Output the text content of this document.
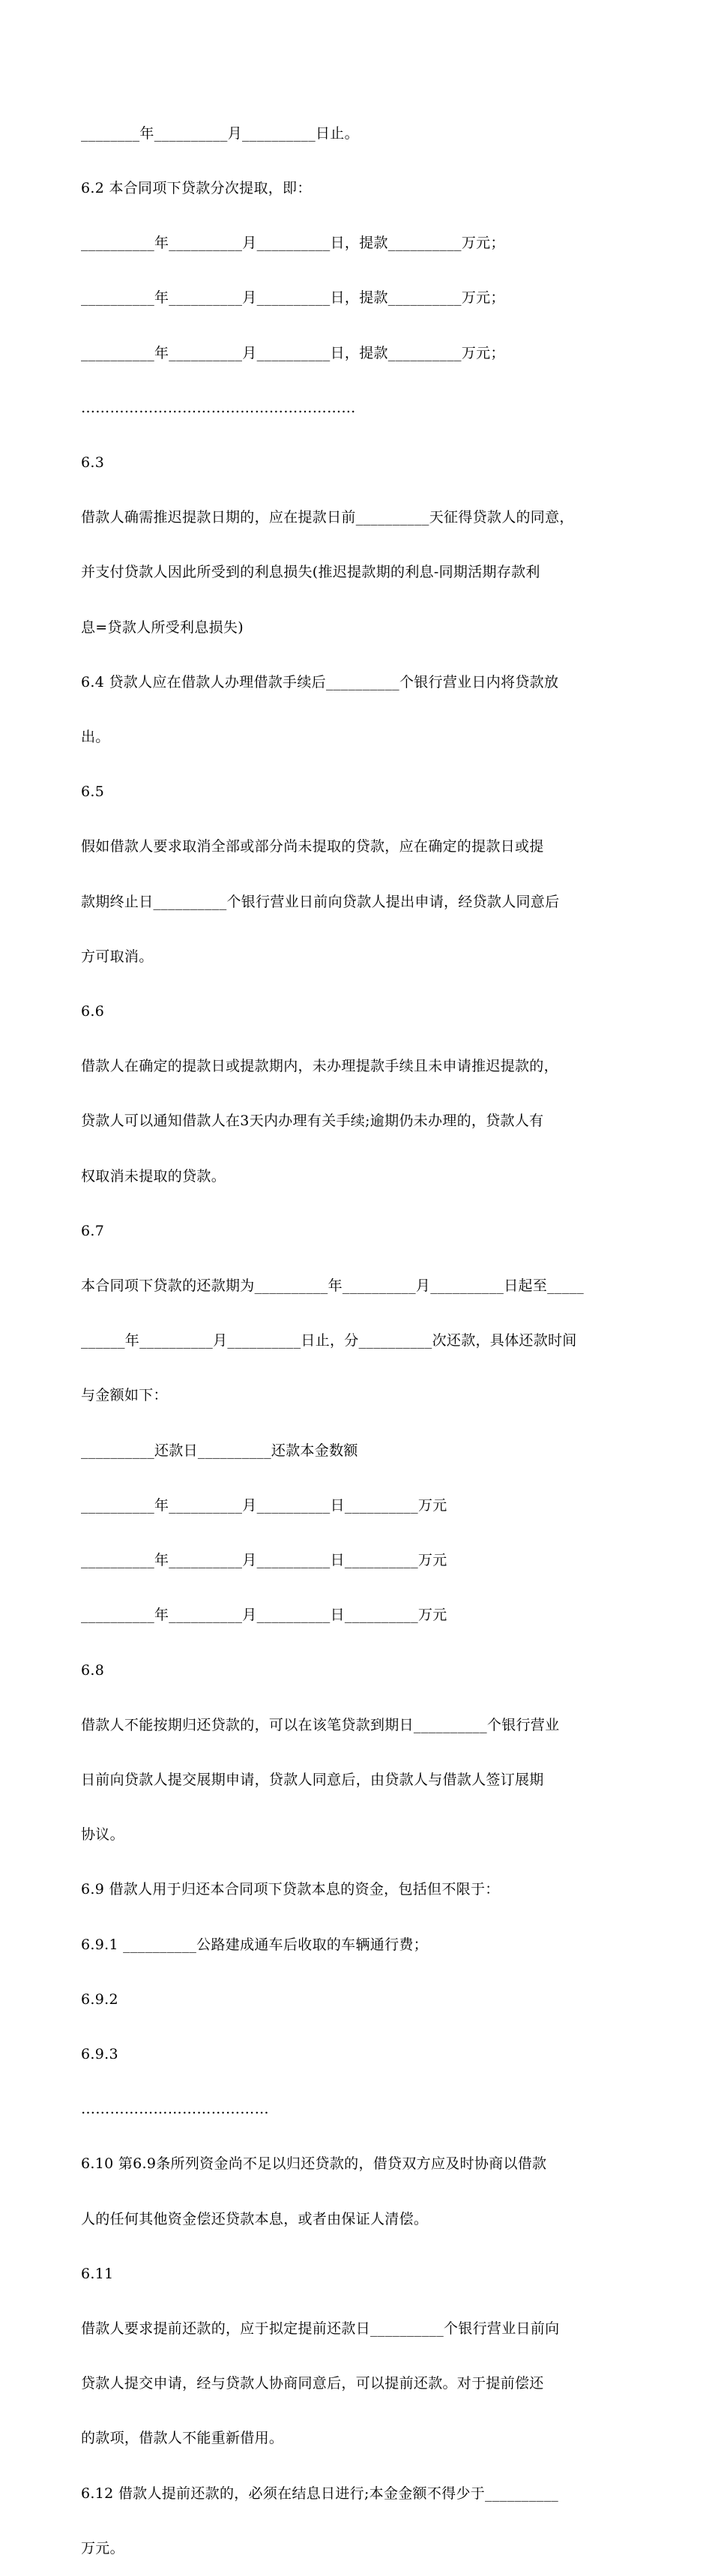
________年__________月__________日止。

6.2 本合同项下贷款分次提取，即：

__________年__________月__________日，提款__________万元；

__________年__________月__________日，提款__________万元；

__________年__________月__________日，提款__________万元；

…………………………………………………

6.3

借款人确需推迟提款日期的，应在提款日前__________天征得贷款人的同意，

并支付贷款人因此所受到的利息损失(推迟提款期的利息-同期活期存款利

息=贷款人所受利息损失)

6.4 贷款人应在借款人办理借款手续后__________个银行营业日内将贷款放

出。

6.5

假如借款人要求取消全部或部分尚未提取的贷款，应在确定的提款日或提

款期终止日__________个银行营业日前向贷款人提出申请，经贷款人同意后

方可取消。

6.6

借款人在确定的提款日或提款期内，未办理提款手续且未申请推迟提款的，

贷款人可以通知借款人在3天内办理有关手续;逾期仍未办理的，贷款人有

权取消未提取的贷款。

6.7

本合同项下贷款的还款期为__________年__________月__________日起至_____

______年__________月__________日止，分__________次还款，具体还款时间

与金额如下：

__________还款日__________还款本金数额

__________年__________月__________日__________万元

__________年__________月__________日__________万元

__________年__________月__________日__________万元

6.8

借款人不能按期归还贷款的，可以在该笔贷款到期日__________个银行营业

日前向贷款人提交展期申请，贷款人同意后，由贷款人与借款人签订展期

协议。

6.9 借款人用于归还本合同项下贷款本息的资金，包括但不限于：

6.9.1 __________公路建成通车后收取的车辆通行费；

6.9.2

6.9.3

…………………………………

6.10 第6.9条所列资金尚不足以归还贷款的，借贷双方应及时协商以借款

人的任何其他资金偿还贷款本息，或者由保证人清偿。

6.11

借款人要求提前还款的，应于拟定提前还款日__________个银行营业日前向

贷款人提交申请，经与贷款人协商同意后，可以提前还款。对于提前偿还

的款项，借款人不能重新借用。

6.12 借款人提前还款的，必须在结息日进行;本金金额不得少于__________

万元。
